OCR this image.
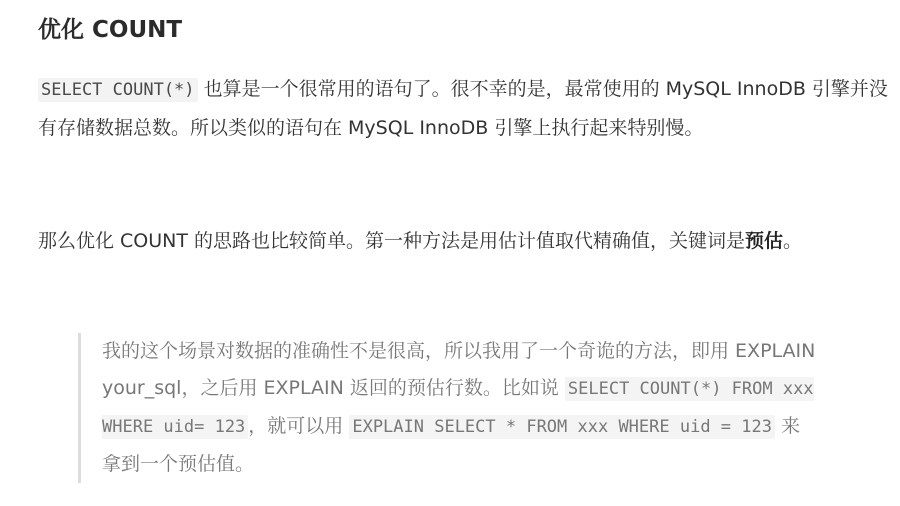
优化 COUNT

SELECT COUNT(*) 也算是一个很常用的语句了。很不幸的是，最常使用的 MySQL InnoDB 引擎并没有存储数据总数。所以类似的语句在 MySQL InnoDB 引擎上执行起来特别慢。

那么优化 COUNT 的思路也比较简单。第一种方法是用估计值取代精确值，关键词是预估。

我的这个场景对数据的准确性不是很高，所以我用了一个奇诡的方法，即用 EXPLAIN your_sql，之后用 EXPLAIN 返回的预估行数。比如说 SELECT COUNT(*) FROM xxx WHERE uid= 123 ，就可以用 EXPLAIN SELECT * FROM xxx WHERE uid = 123 来拿到一个预估值。
